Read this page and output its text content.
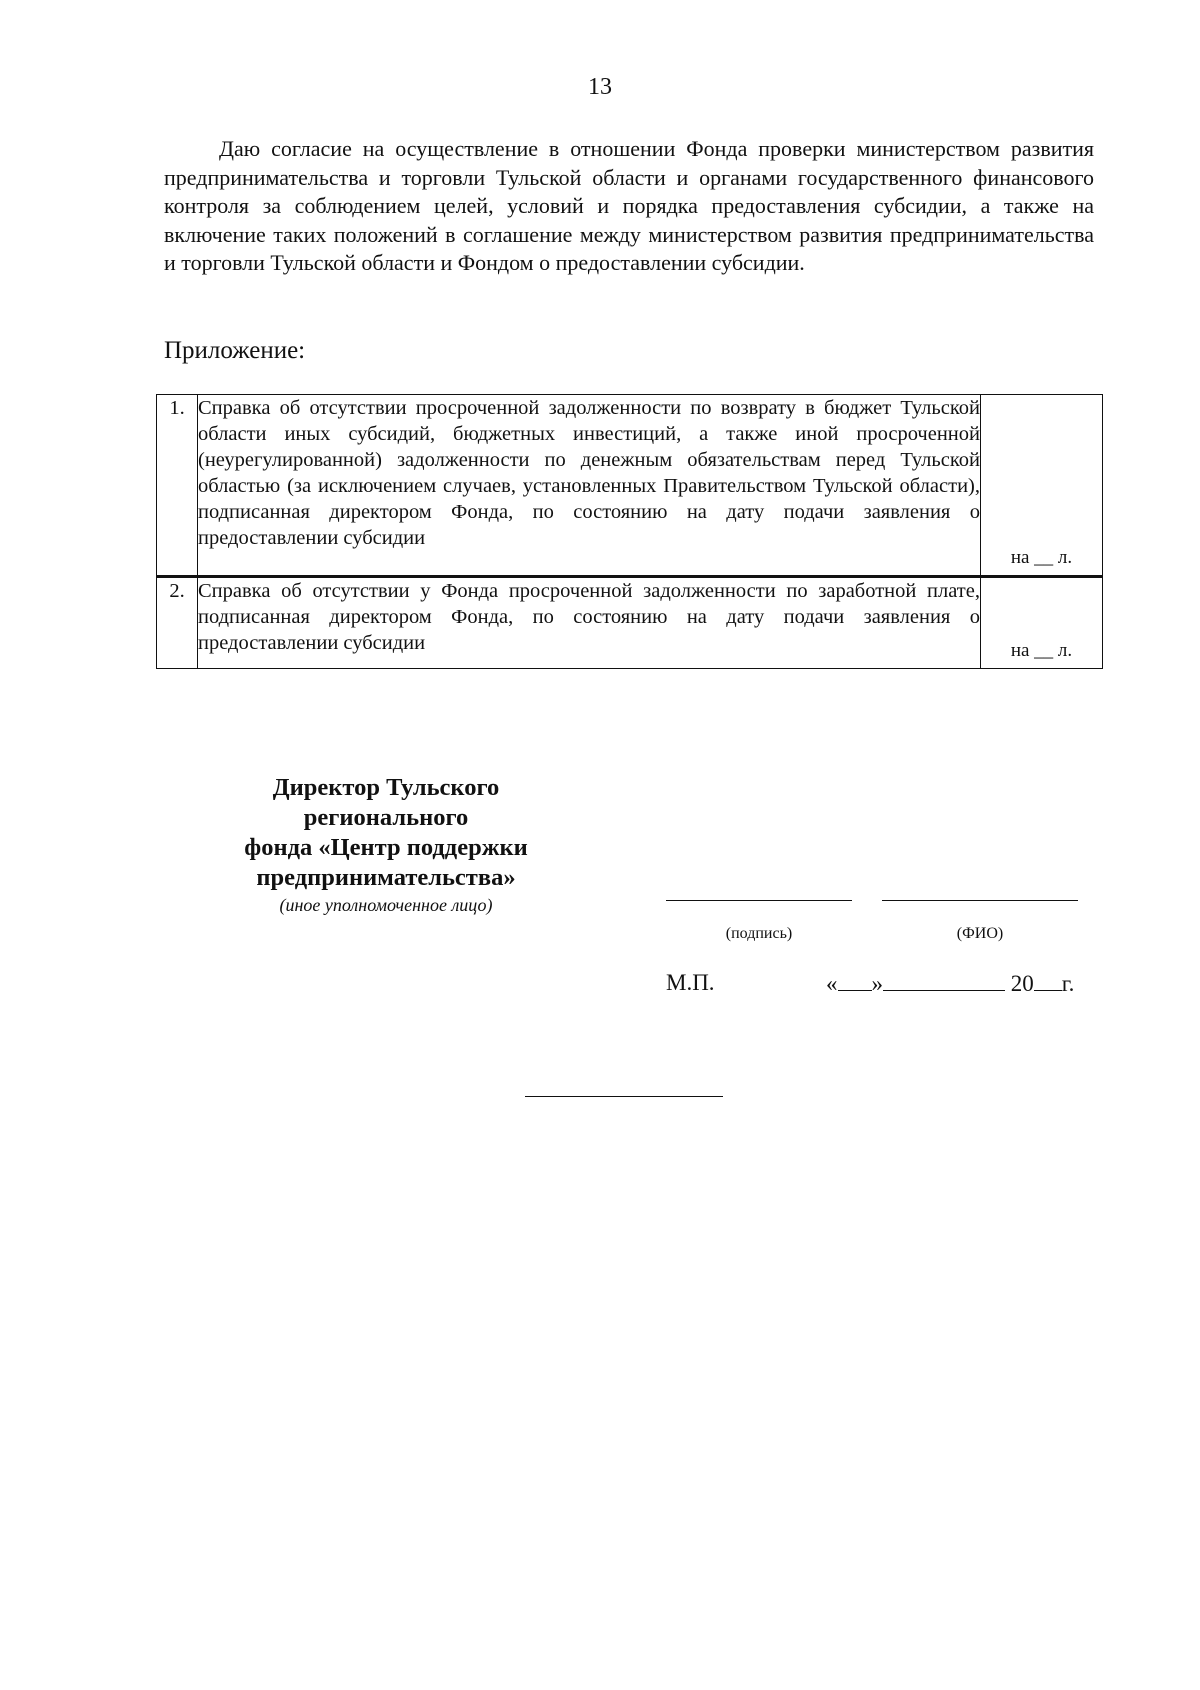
13

Даю согласие на осуществление в отношении Фонда проверки министерством развития предпринимательства и торговли Тульской области и органами государственного финансового контроля за соблюдением целей, условий и порядка предоставления субсидии, а также на включение таких положений в соглашение между министерством развития предпринимательства и торговли Тульской области и Фондом о предоставлении субсидии.

Приложение:
1.	Справка об отсутствии просроченной задолженности по возврату в бюджет Тульской области иных субсидий, бюджетных инвестиций, а также иной просроченной (неурегулированной) задолженности по денежным обязательствам перед Тульской областью (за исключением случаев, установленных Правительством Тульской области), подписанная директором Фонда, по состоянию на дату подачи заявления о предоставлении субсидии	на __ л.
2.	Справка об отсутствии у Фонда просроченной задолженности по заработной плате, подписанная директором Фонда, по состоянию на дату подачи заявления о предоставлении субсидии	на __ л.
Директор Тульского
регионального
фонда «Центр поддержки
предпринимательства»
(иное уполномоченное лицо)
(подпись)	(ФИО)
М.П.	« »	20 г.
